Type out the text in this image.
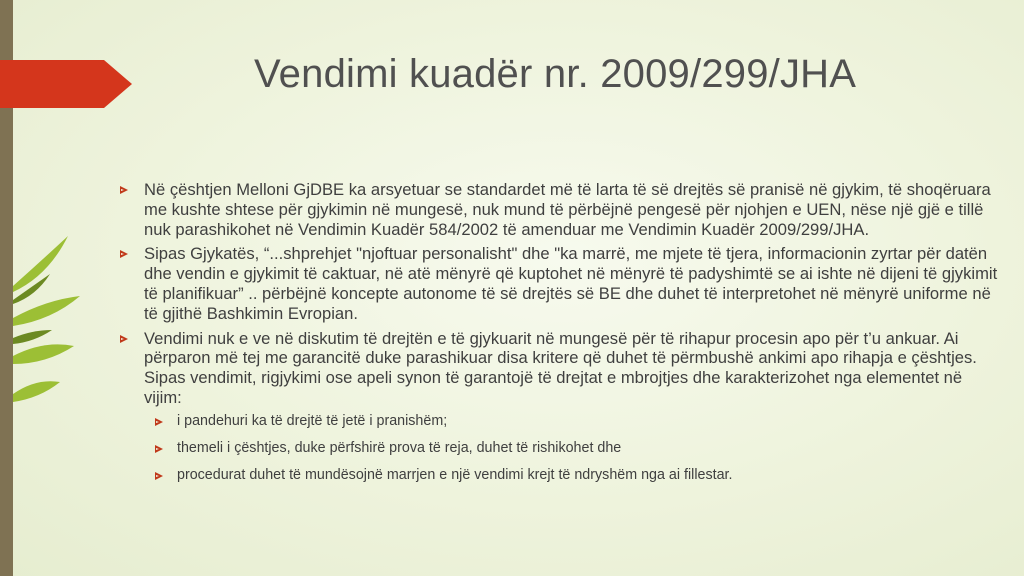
Vendimi kuadër nr. 2009/299/JHA

Në çështjen Melloni GjDBE ka arsyetuar se standardet më të larta të së drejtës së pranisë në gjykim, të shoqëruara me kushte shtese për gjykimin në mungesë, nuk mund të përbëjnë pengesë për njohjen e UEN, nëse një gjë e tillë nuk parashikohet në Vendimin Kuadër 584/2002 të amenduar me Vendimin Kuadër 2009/299/JHA.

Sipas Gjykatës, “...shprehjet "njoftuar personalisht" dhe "ka marrë, me mjete të tjera, informacionin zyrtar për datën dhe vendin e gjykimit të caktuar, në atë mënyrë që kuptohet në mënyrë të padyshimtë se ai ishte në dijeni të gjykimit të planifikuar” .. përbëjnë koncepte autonome të së drejtës së BE dhe duhet të interpretohet në mënyrë uniforme në të gjithë Bashkimin Evropian.

Vendimi nuk e ve në diskutim të drejtën e të gjykuarit në mungesë për të rihapur procesin apo për t’u ankuar. Ai përparon më tej me garancitë duke parashikuar disa kritere që duhet të përmbushë ankimi apo rihapja e çështjes. Sipas vendimit, rigjykimi ose apeli synon të garantojë të drejtat e mbrojtjes dhe karakterizohet nga elementet në vijim:

i pandehuri ka të drejtë të jetë i pranishëm;

themeli i çështjes, duke përfshirë prova të reja, duhet të rishikohet dhe

procedurat duhet të mundësojnë marrjen e një vendimi krejt të ndryshëm nga ai fillestar.
